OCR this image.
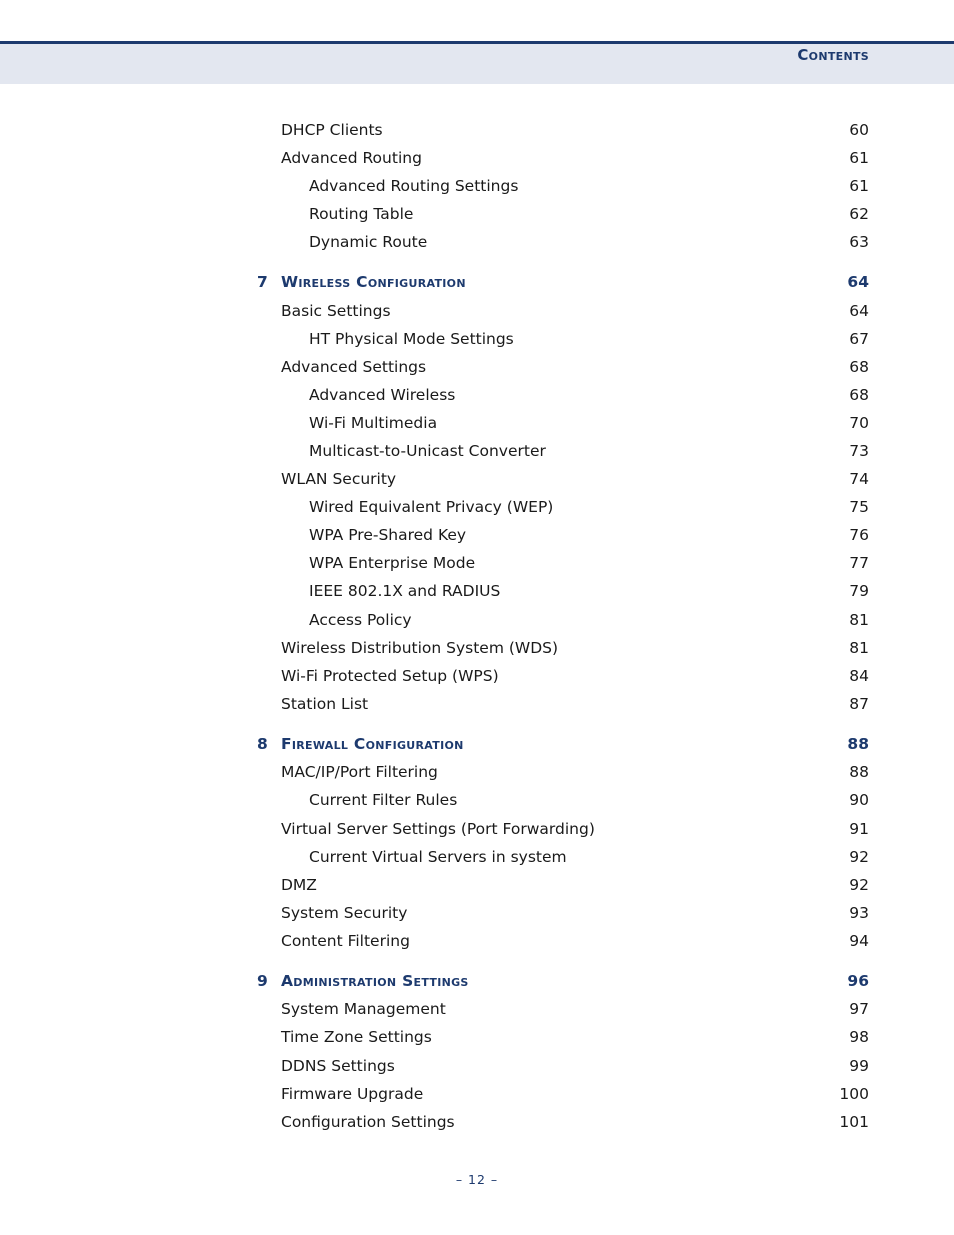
Contents
DHCP Clients	60
Advanced Routing	61
Advanced Routing Settings	61
Routing Table	62
Dynamic Route	63
7 Wireless Configuration	64
Basic Settings	64
HT Physical Mode Settings	67
Advanced Settings	68
Advanced Wireless	68
Wi-Fi Multimedia	70
Multicast-to-Unicast Converter	73
WLAN Security	74
Wired Equivalent Privacy (WEP)	75
WPA Pre-Shared Key	76
WPA Enterprise Mode	77
IEEE 802.1X and RADIUS	79
Access Policy	81
Wireless Distribution System (WDS)	81
Wi-Fi Protected Setup (WPS)	84
Station List	87
8 Firewall Configuration	88
MAC/IP/Port Filtering	88
Current Filter Rules	90
Virtual Server Settings (Port Forwarding)	91
Current Virtual Servers in system	92
DMZ	92
System Security	93
Content Filtering	94
9 Administration Settings	96
System Management	97
Time Zone Settings	98
DDNS Settings	99
Firmware Upgrade	100
Configuration Settings	101
– 12 –
